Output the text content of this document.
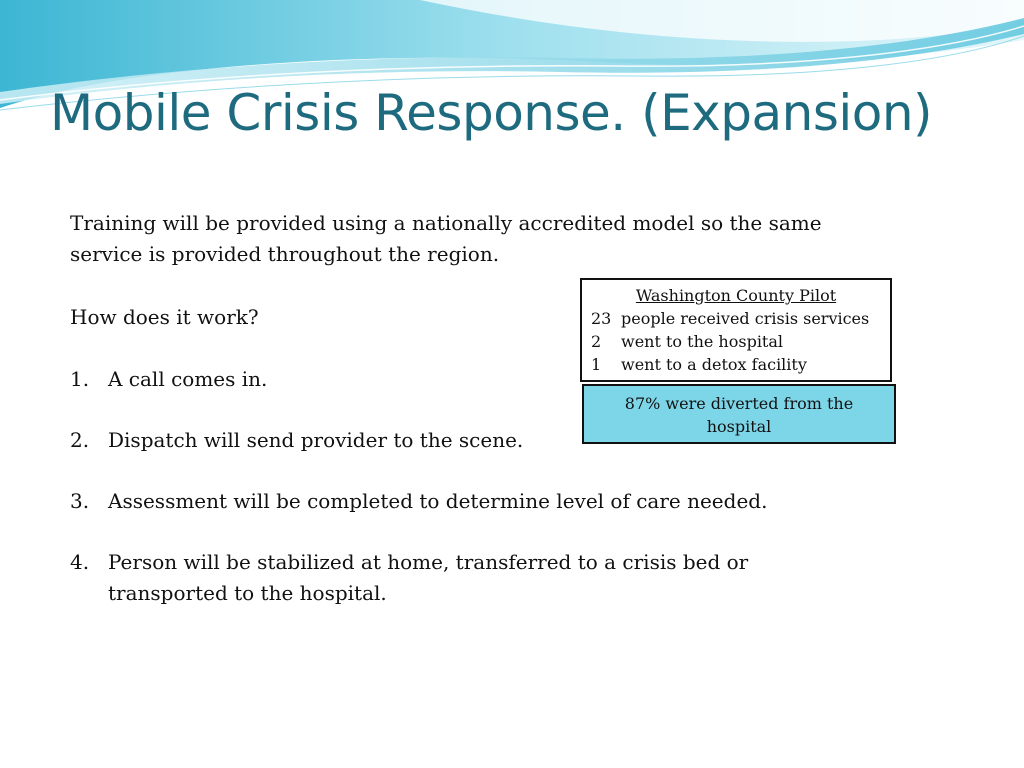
Mobile Crisis Response. (Expansion)

Training will be provided using a nationally accredited model so the same service is provided throughout the region.

How does it work?

1. A call comes in.
2. Dispatch will send provider to the scene.
3. Assessment will be completed to determine level of care needed.
4. Person will be stabilized at home, transferred to a crisis bed or transported to the hospital.
Washington County Pilot
23 people received crisis services
2	went to the hospital
1	went to a detox facility
87% were diverted from the hospital
